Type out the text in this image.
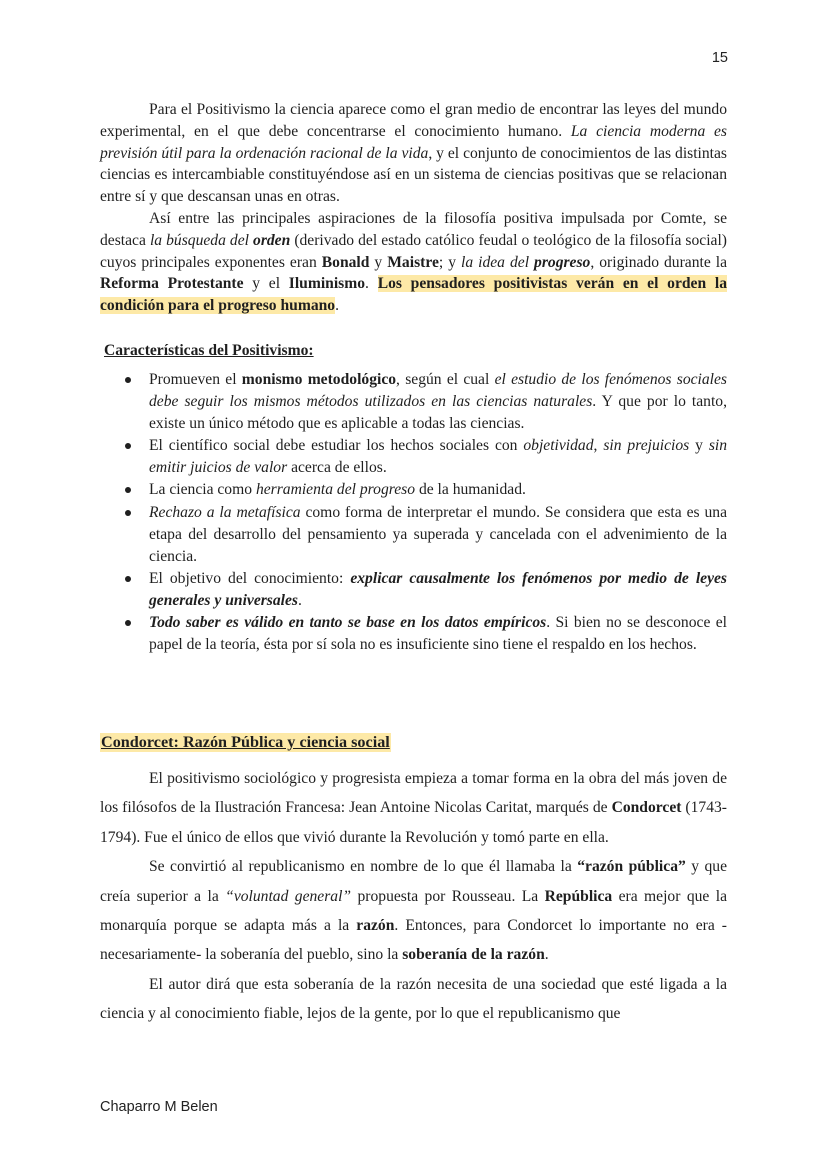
15

Para el Positivismo la ciencia aparece como el gran medio de encontrar las leyes del mundo experimental, en el que debe concentrarse el conocimiento humano. La ciencia moderna es previsión útil para la ordenación racional de la vida, y el conjunto de conocimientos de las distintas ciencias es intercambiable constituyéndose así en un sistema de ciencias positivas que se relacionan entre sí y que descansan unas en otras.

Así entre las principales aspiraciones de la filosofía positiva impulsada por Comte, se destaca la búsqueda del orden (derivado del estado católico feudal o teológico de la filosofía social) cuyos principales exponentes eran Bonald y Maistre; y la idea del progreso, originado durante la Reforma Protestante y el Iluminismo. Los pensadores positivistas verán en el orden la condición para el progreso humano.

Características del Positivismo:
Promueven el monismo metodológico, según el cual el estudio de los fenómenos sociales debe seguir los mismos métodos utilizados en las ciencias naturales. Y que por lo tanto, existe un único método que es aplicable a todas las ciencias.
El científico social debe estudiar los hechos sociales con objetividad, sin prejuicios y sin emitir juicios de valor acerca de ellos.
La ciencia como herramienta del progreso de la humanidad.
Rechazo a la metafísica como forma de interpretar el mundo. Se considera que esta es una etapa del desarrollo del pensamiento ya superada y cancelada con el advenimiento de la ciencia.
El objetivo del conocimiento: explicar causalmente los fenómenos por medio de leyes generales y universales.
Todo saber es válido en tanto se base en los datos empíricos. Si bien no se desconoce el papel de la teoría, ésta por sí sola no es insuficiente sino tiene el respaldo en los hechos.
Condorcet: Razón Pública y ciencia social

El positivismo sociológico y progresista empieza a tomar forma en la obra del más joven de los filósofos de la Ilustración Francesa: Jean Antoine Nicolas Caritat, marqués de Condorcet (1743-1794). Fue el único de ellos que vivió durante la Revolución y tomó parte en ella.

Se convirtió al republicanismo en nombre de lo que él llamaba la “razón pública” y que creía superior a la “voluntad general” propuesta por Rousseau. La República era mejor que la monarquía porque se adapta más a la razón. Entonces, para Condorcet lo importante no era -necesariamente- la soberanía del pueblo, sino la soberanía de la razón.

El autor dirá que esta soberanía de la razón necesita de una sociedad que esté ligada a la ciencia y al conocimiento fiable, lejos de la gente, por lo que el republicanismo que

Chaparro M Belen
